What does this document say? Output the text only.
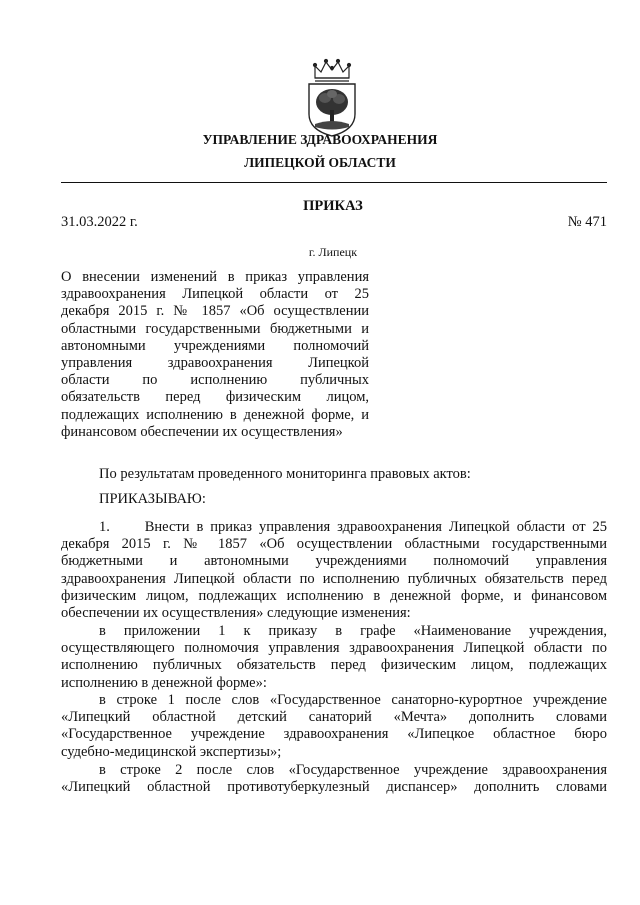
УПРАВЛЕНИЕ ЗДРАВООХРАНЕНИЯ
ЛИПЕЦКОЙ ОБЛАСТИ
ПРИКАЗ
31.03.2022 г.	№ 471
г. Липецк
О внесении изменений в приказ управления
здравоохранения Липецкой области от 25
декабря 2015 г. № 1857 «Об осуществлении
областными государственными бюджетными и
автономными учреждениями полномочий
управления здравоохранения Липецкой
области по исполнению публичных
обязательств перед физическим лицом,
подлежащих исполнению в денежной форме, и
финансовом обеспечении их осуществления»
По результатам проведенного мониторинга правовых актов:
ПРИКАЗЫВАЮ:
1.     Внести в приказ управления здравоохранения Липецкой области от 25
декабря 2015 г. № 1857 «Об осуществлении областными государственными
бюджетными и автономными учреждениями полномочий управления
здравоохранения Липецкой области по исполнению публичных обязательств перед
физическим лицом, подлежащих исполнению в денежной форме, и финансовом
обеспечении их осуществления» следующие изменения:
в приложении 1 к приказу в графе «Наименование учреждения,
осуществляющего полномочия управления здравоохранения Липецкой области по
исполнению публичных обязательств перед физическим лицом, подлежащих
исполнению в денежной форме»:
в строке 1 после слов «Государственное санаторно-курортное учреждение
«Липецкий областной детский санаторий «Мечта» дополнить словами
«Государственное учреждение здравоохранения «Липецкое областное бюро
судебно-медицинской экспертизы»;
в строке 2 после слов «Государственное учреждение здравоохранения
«Липецкий областной противотуберкулезный диспансер» дополнить словами
